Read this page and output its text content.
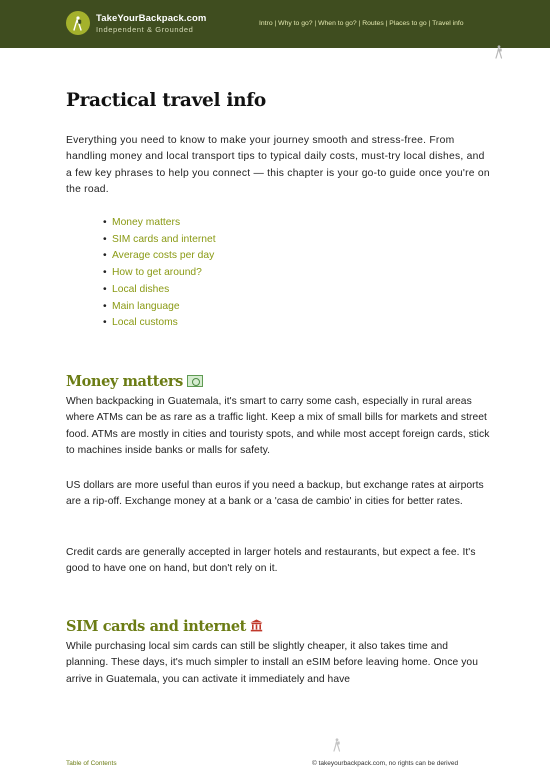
TakeYourBackpack.com
Independent & Grounded
Intro | Why to go? | When to go? | Routes | Places to go | Travel info
Practical travel info

Everything you need to know to make your journey smooth and stress-free. From handling money and local transport tips to typical daily costs, must-try local dishes, and a few key phrases to help you connect — this chapter is your go-to guide once you're on the road.

• Money matters
• SIM cards and internet
• Average costs per day
• How to get around?
• Local dishes
• Main language
• Local customs
Money matters

When backpacking in Guatemala, it's smart to carry some cash, especially in rural areas where ATMs can be as rare as a traffic light. Keep a mix of small bills for markets and street food. ATMs are mostly in cities and touristy spots, and while most accept foreign cards, stick to machines inside banks or malls for safety.

US dollars are more useful than euros if you need a backup, but exchange rates at airports are a rip-off. Exchange money at a bank or a 'casa de cambio' in cities for better rates.

Credit cards are generally accepted in larger hotels and restaurants, but expect a fee. It's good to have one on hand, but don't rely on it.

SIM cards and internet

While purchasing local sim cards can still be slightly cheaper, it also takes time and planning. These days, it's much simpler to install an eSIM before leaving home. Once you arrive in Guatemala, you can activate it immediately and have

Table of Contents	© takeyourbackpack.com, no rights can be derived
